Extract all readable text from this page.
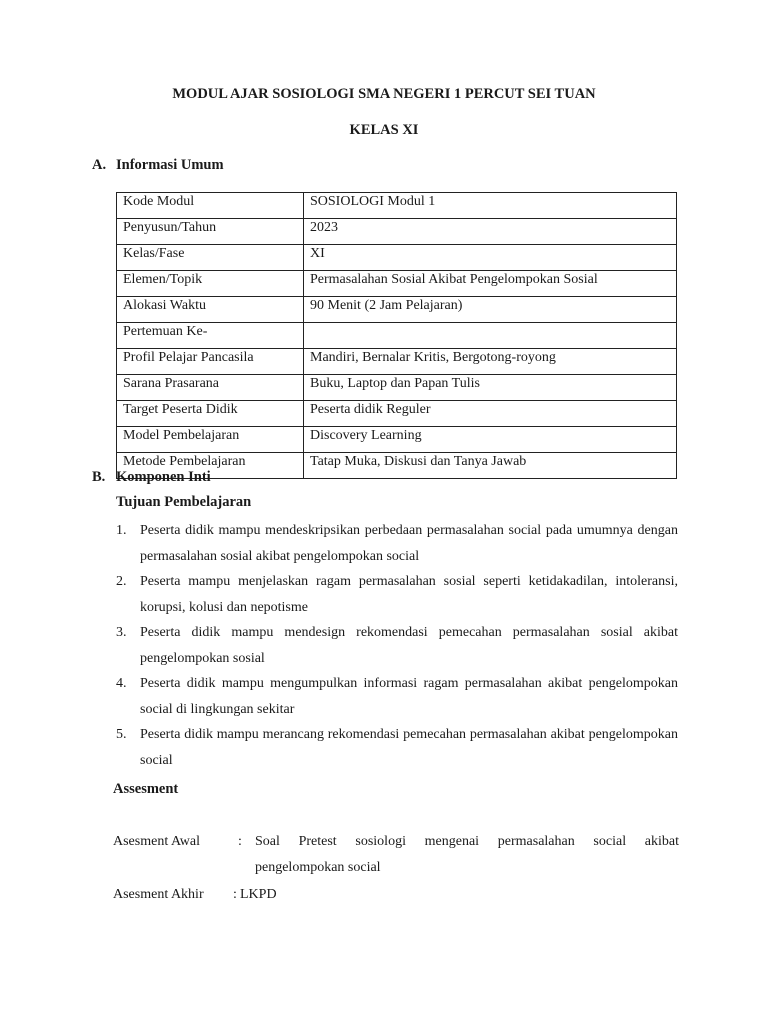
MODUL AJAR SOSIOLOGI SMA NEGERI 1 PERCUT SEI TUAN
KELAS XI
A. Informasi Umum
Kode Modul	SOSIOLOGI Modul 1
Penyusun/Tahun	2023
Kelas/Fase	XI
Elemen/Topik	Permasalahan Sosial Akibat Pengelompokan Sosial
Alokasi Waktu	90 Menit (2 Jam Pelajaran)
Pertemuan Ke-	
Profil Pelajar Pancasila	Mandiri, Bernalar Kritis, Bergotong-royong
Sarana Prasarana	Buku, Laptop dan Papan Tulis
Target Peserta Didik	Peserta didik Reguler
Model Pembelajaran	Discovery Learning
Metode Pembelajaran	Tatap Muka, Diskusi dan Tanya Jawab
B. Komponen Inti
Tujuan Pembelajaran
1. Peserta didik mampu mendeskripsikan perbedaan permasalahan social pada umumnya dengan permasalahan sosial akibat pengelompokan social
2. Peserta mampu menjelaskan ragam permasalahan sosial seperti ketidakadilan, intoleransi, korupsi, kolusi dan nepotisme
3. Peserta didik mampu mendesign rekomendasi pemecahan permasalahan sosial akibat pengelompokan sosial
4. Peserta didik mampu mengumpulkan informasi ragam permasalahan akibat pengelompokan social di lingkungan sekitar
5. Peserta didik mampu merancang rekomendasi pemecahan permasalahan akibat pengelompokan social
Assesment
Asesment Awal	: Soal Pretest sosiologi mengenai permasalahan social akibat
pengelompokan social
Asesment Akhir : LKPD
